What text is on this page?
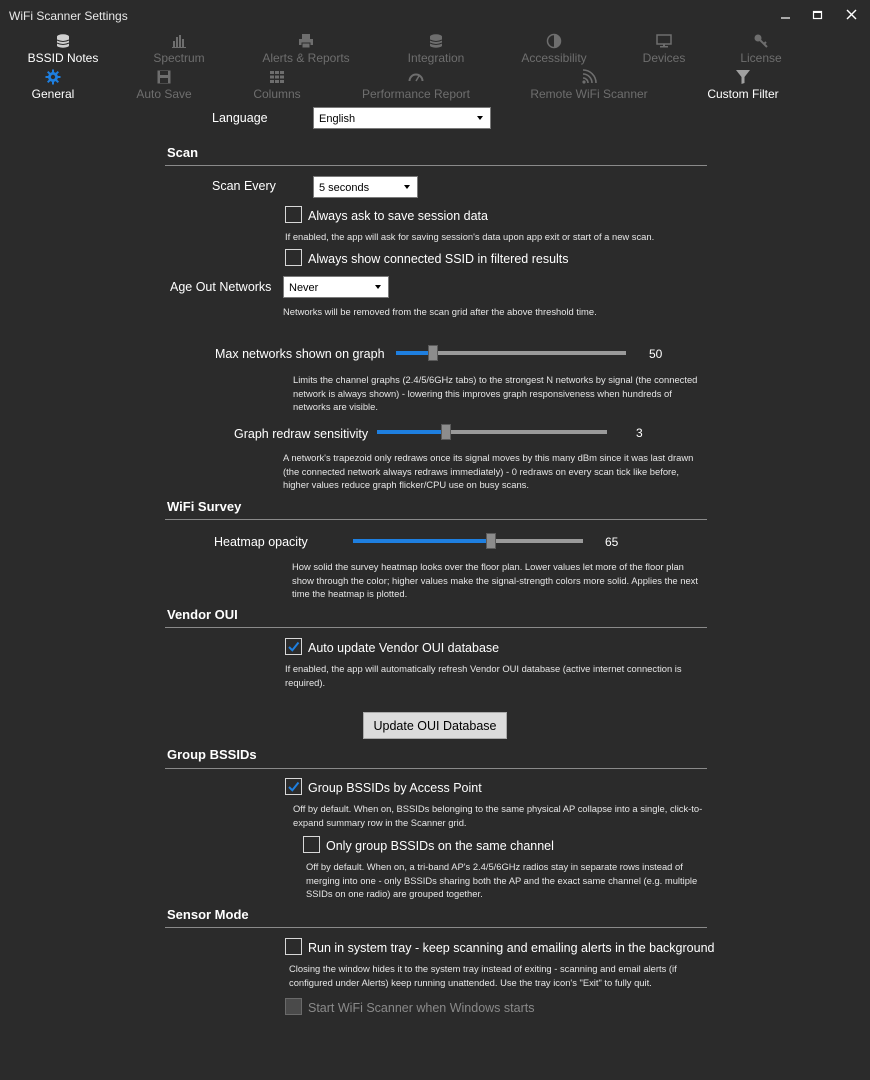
WiFi Scanner Settings
BSSID Notes	Spectrum	Alerts & Reports	Integration	Accessibility	Devices	License
General	Auto Save	Columns	Performance Report	Remote WiFi Scanner	Custom Filter
Language	English
Scan
Scan Every	5 seconds
Always ask to save session data
If enabled, the app will ask for saving session's data upon app exit or start of a new scan.
Always show connected SSID in filtered results
Age Out Networks	Never
Networks will be removed from the scan grid after the above threshold time.
Max networks shown on graph	50
Limits the channel graphs (2.4/5/6GHz tabs) to the strongest N networks by signal (the connected network is always shown) - lowering this improves graph responsiveness when hundreds of networks are visible.
Graph redraw sensitivity	3
A network's trapezoid only redraws once its signal moves by this many dBm since it was last drawn (the connected network always redraws immediately) - 0 redraws on every scan tick like before, higher values reduce graph flicker/CPU use on busy scans.
WiFi Survey
Heatmap opacity	65
How solid the survey heatmap looks over the floor plan. Lower values let more of the floor plan show through the color; higher values make the signal-strength colors more solid. Applies the next time the heatmap is plotted.
Vendor OUI
Auto update Vendor OUI database
If enabled, the app will automatically refresh Vendor OUI database (active internet connection is required).
Update OUI Database
Group BSSIDs
Group BSSIDs by Access Point
Off by default. When on, BSSIDs belonging to the same physical AP collapse into a single, click-to-expand summary row in the Scanner grid.
Only group BSSIDs on the same channel
Off by default. When on, a tri-band AP's 2.4/5/6GHz radios stay in separate rows instead of merging into one - only BSSIDs sharing both the AP and the exact same channel (e.g. multiple SSIDs on one radio) are grouped together.
Sensor Mode
Run in system tray - keep scanning and emailing alerts in the background
Closing the window hides it to the system tray instead of exiting - scanning and email alerts (if configured under Alerts) keep running unattended. Use the tray icon's "Exit" to fully quit.
Start WiFi Scanner when Windows starts
